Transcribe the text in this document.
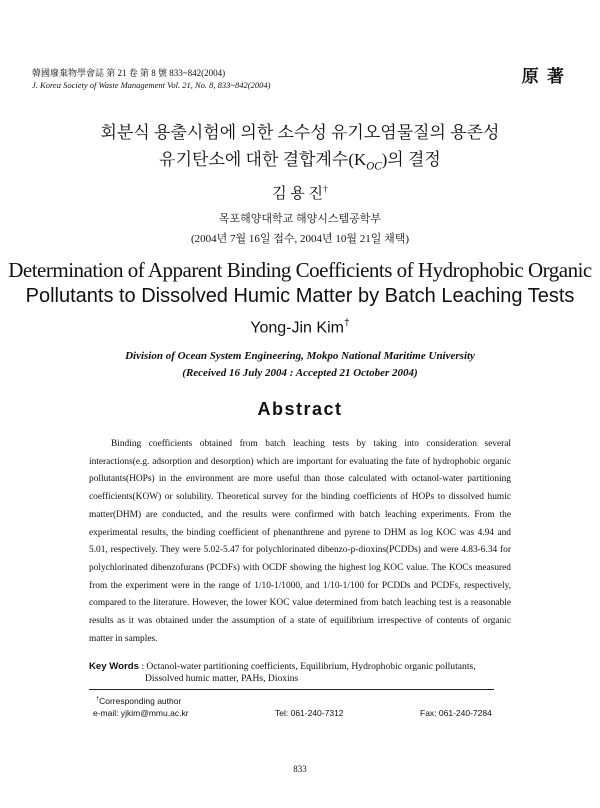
韓國廢棄物學會誌 第 21 卷 第 8 號 833~842(2004)
J. Korea Society of Waste Management Vol. 21, No. 8, 833~842(2004)	原 著
회분식 용출시험에 의한 소수성 유기오염물질의 용존성
유기탄소에 대한 결합계수$(K_{OC})$의 결정
김 용 진†
목포해양대학교 해양시스템공학부
(2004년 7월 16일 접수, 2004년 10월 21일 채택)
Determination of Apparent Binding Coefficients of Hydrophobic Organic
Pollutants to Dissolved Humic Matter by Batch Leaching Tests
Yong-Jin Kim†
Division of Ocean System Engineering, Mokpo National Maritime University
(Received 16 July 2004 : Accepted 21 October 2004)
Abstract
Binding coefficients obtained from batch leaching tests by taking into consideration several interactions(e.g. adsorption and desorption) which are important for evaluating the fate of hydrophobic organic pollutants(HOPs) in the environment are more useful than those calculated with octanol-water partitioning coefficients(KOW) or solubility. Theoretical survey for the binding coefficients of HOPs to dissolved humic matter(DHM) are conducted, and the results were confirmed with batch leaching experiments. From the experimental results, the binding coefficient of phenanthrene and pyrene to DHM as log KOC was 4.94 and 5.01, respectively. They were 5.02-5.47 for polychlorinated dibenzo-p-dioxins(PCDDs) and were 4.83-6.34 for polychlorinated dibenzofurans (PCDFs) with OCDF showing the highest log KOC value. The KOCs measured from the experiment were in the range of 1/10-1/1000, and 1/10-1/100 for PCDDs and PCDFs, respectively, compared to the literature. However, the lower KOC value determined from batch leaching test is a reasonable results as it was obtained under the assumption of a state of equilibrium irrespective of contents of organic matter in samples.
Key Words : Octanol-water partitioning coefficients, Equilibrium, Hydrophobic organic pollutants,
Dissolved humic matter, PAHs, Dioxins
†Corresponding author
e-mail: yjkim@mmu.ac.kr	Tel: 061-240-7312	Fax: 061-240-7284
833
